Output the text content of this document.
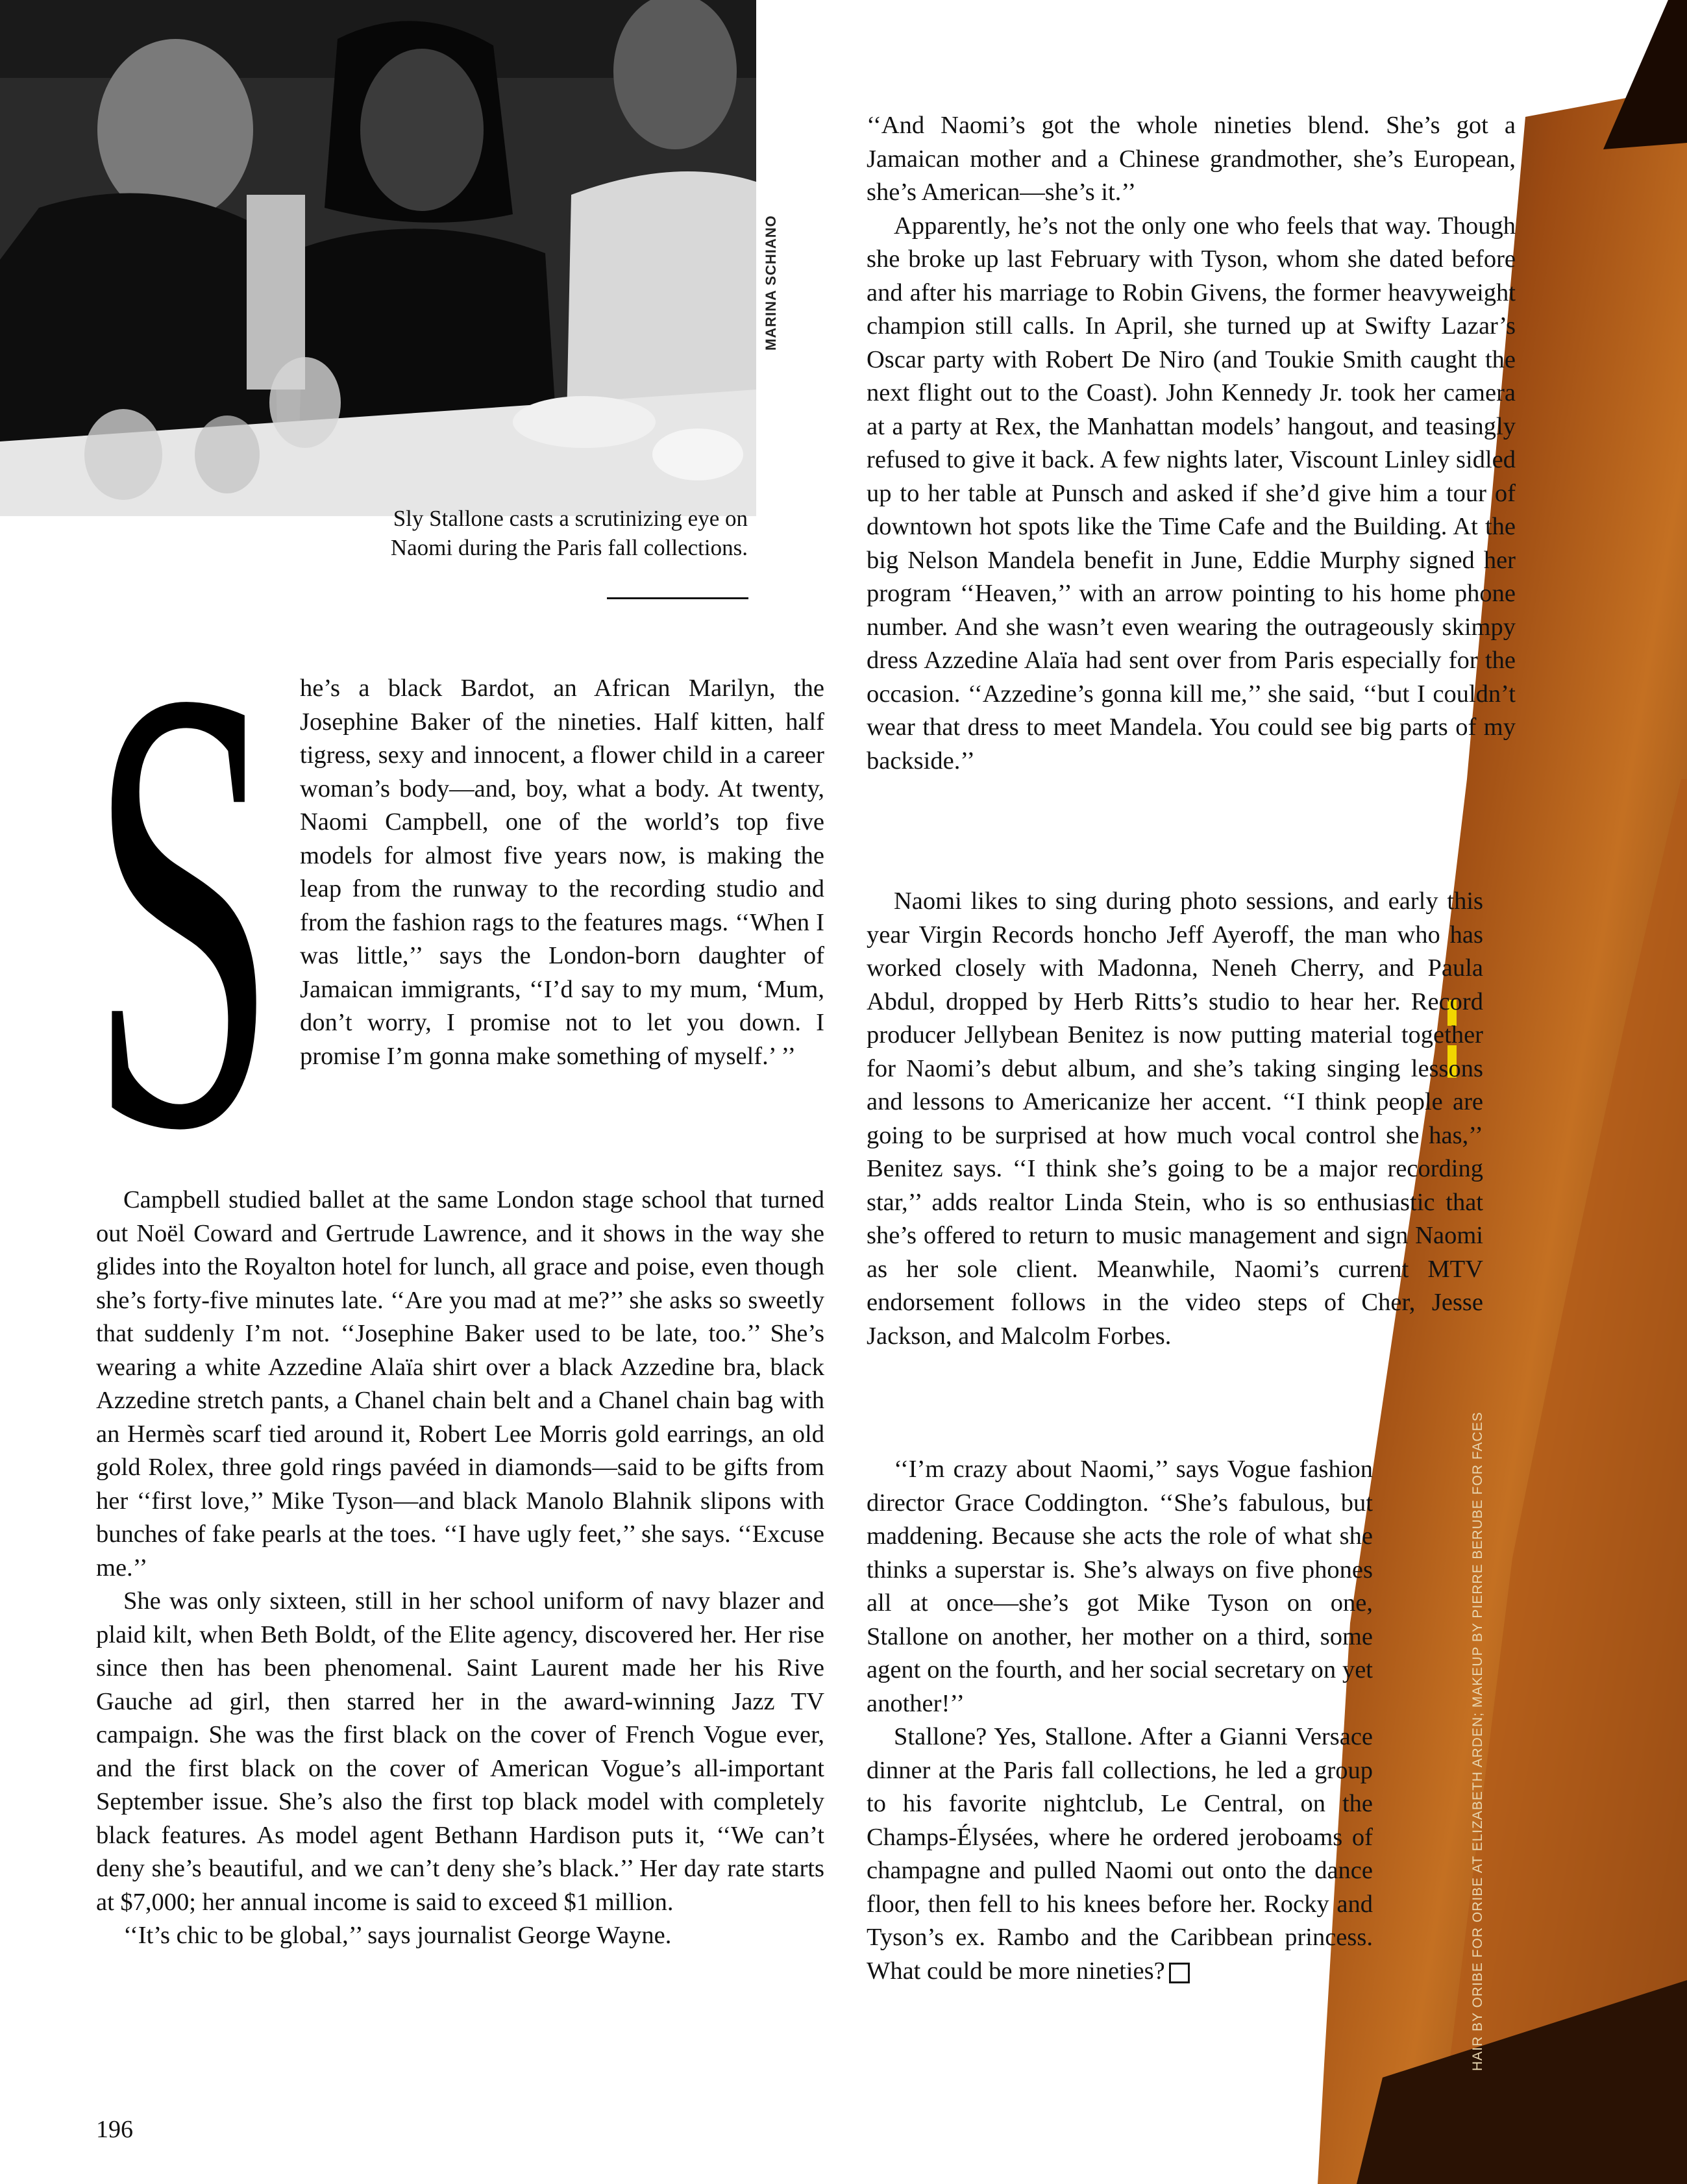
MARINA SCHIANO
Sly Stallone casts a scrutinizing eye on Naomi during the Paris fall collections.
HAIR BY ORIBE FOR ORIBE AT ELIZABETH ARDEN; MAKEUP BY PIERRE BERUBE FOR FACES
S he’s a black Bardot, an African Marilyn, the Josephine Baker of the nineties. Half kitten, half tigress, sexy and innocent, a flower child in a career woman’s body—and, boy, what a body. At twenty, Naomi Campbell, one of the world’s top five models for almost five years now, is making the leap from the runway to the recording studio and from the fashion rags to the features mags. ‘‘When I was little,’’ says the London-born daughter of Jamaican immigrants, ‘‘I’d say to my mum, ‘Mum, don’t worry, I promise not to let you down. I promise I’m gonna make something of myself.’ ’’

Campbell studied ballet at the same London stage school that turned out Noël Coward and Gertrude Lawrence, and it shows in the way she glides into the Royalton hotel for lunch, all grace and poise, even though she’s forty-five minutes late. ‘‘Are you mad at me?’’ she asks so sweetly that suddenly I’m not. ‘‘Josephine Baker used to be late, too.’’ She’s wearing a white Azzedine Alaïa shirt over a black Azzedine bra, black Azzedine stretch pants, a Chanel chain belt and a Chanel chain bag with an Hermès scarf tied around it, Robert Lee Morris gold earrings, an old gold Rolex, three gold rings pavéed in diamonds—said to be gifts from her ‘‘first love,’’ Mike Tyson—and black Manolo Blahnik slipons with bunches of fake pearls at the toes. ‘‘I have ugly feet,’’ she says. ‘‘Excuse me.’’

She was only sixteen, still in her school uniform of navy blazer and plaid kilt, when Beth Boldt, of the Elite agency, discovered her. Her rise since then has been phenomenal. Saint Laurent made her his Rive Gauche ad girl, then starred her in the award-winning Jazz TV campaign. She was the first black on the cover of French Vogue ever, and the first black on the cover of American Vogue’s all-important September issue. She’s also the first top black model with completely black features. As model agent Bethann Hardison puts it, ‘‘We can’t deny she’s beautiful, and we can’t deny she’s black.’’ Her day rate starts at $7,000; her annual income is said to exceed $1 million.

‘‘It’s chic to be global,’’ says journalist George Wayne.

‘‘And Naomi’s got the whole nineties blend. She’s got a Jamaican mother and a Chinese grandmother, she’s European, she’s American—she’s it.’’

Apparently, he’s not the only one who feels that way. Though she broke up last February with Tyson, whom she dated before and after his marriage to Robin Givens, the former heavyweight champion still calls. In April, she turned up at Swifty Lazar’s Oscar party with Robert De Niro (and Toukie Smith caught the next flight out to the Coast). John Kennedy Jr. took her camera at a party at Rex, the Manhattan models’ hangout, and teasingly refused to give it back. A few nights later, Viscount Linley sidled up to her table at Punsch and asked if she’d give him a tour of downtown hot spots like the Time Cafe and the Building. At the big Nelson Mandela benefit in June, Eddie Murphy signed her program ‘‘Heaven,’’ with an arrow pointing to his home phone number. And she wasn’t even wearing the outrageously skimpy dress Azzedine Alaïa had sent over from Paris especially for the occasion. ‘‘Azzedine’s gonna kill me,’’ she said, ‘‘but I couldn’t wear that dress to meet Mandela. You could see big parts of my backside.’’

Naomi likes to sing during photo sessions, and early this year Virgin Records honcho Jeff Ayeroff, the man who has worked closely with Madonna, Neneh Cherry, and Paula Abdul, dropped by Herb Ritts’s studio to hear her. Record producer Jellybean Benitez is now putting material together for Naomi’s debut album, and she’s taking singing lessons and lessons to Americanize her accent. ‘‘I think people are going to be surprised at how much vocal control she has,’’ Benitez says. ‘‘I think she’s going to be a major recording star,’’ adds realtor Linda Stein, who is so enthusiastic that she’s offered to return to music management and sign Naomi as her sole client. Meanwhile, Naomi’s current MTV endorsement follows in the video steps of Cher, Jesse Jackson, and Malcolm Forbes.

‘‘I’m crazy about Naomi,’’ says Vogue fashion director Grace Coddington. ‘‘She’s fabulous, but maddening. Because she acts the role of what she thinks a superstar is. She’s always on five phones all at once—she’s got Mike Tyson on one, Stallone on another, her mother on a third, some agent on the fourth, and her social secretary on yet another!’’

Stallone? Yes, Stallone. After a Gianni Versace dinner at the Paris fall collections, he led a group to his favorite nightclub, Le Central, on the Champs-Élysées, where he ordered jeroboams of champagne and pulled Naomi out onto the dance floor, then fell to his knees before her. Rocky and Tyson’s ex. Rambo and the Caribbean princess. What could be more nineties?

196
